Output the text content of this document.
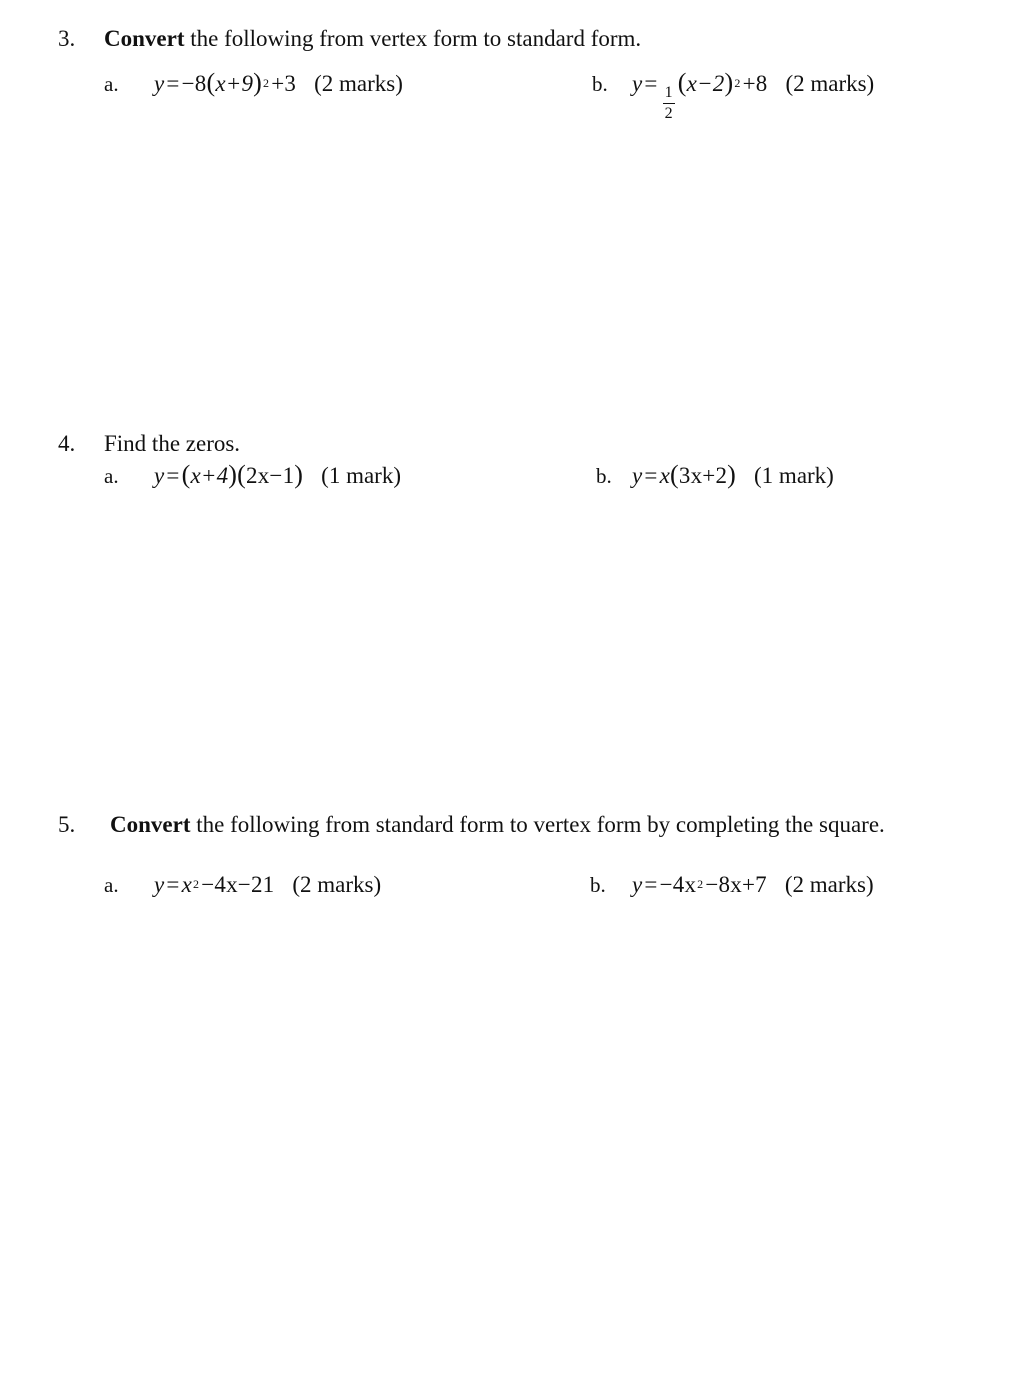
3. Convert the following from vertex form to standard form.
a.	y = −8 ( x+9 )$^2$ +3 (2 marks)	b.	y =
$\frac{1}{2}$
( x−2 )$^2$ +8 (2 marks)
4. Find the zeros.
a.	y = ( x+4 )( 2x−1 ) (1 mark)	b. y = x ( 3x+2 ) (1 mark)
5. Convert the following from standard form to vertex form by completing the square.
a.	$y = x^2 -4x-21$ (2 marks)	b.	$y = -4x^2 -8x+7$ (2 marks)
